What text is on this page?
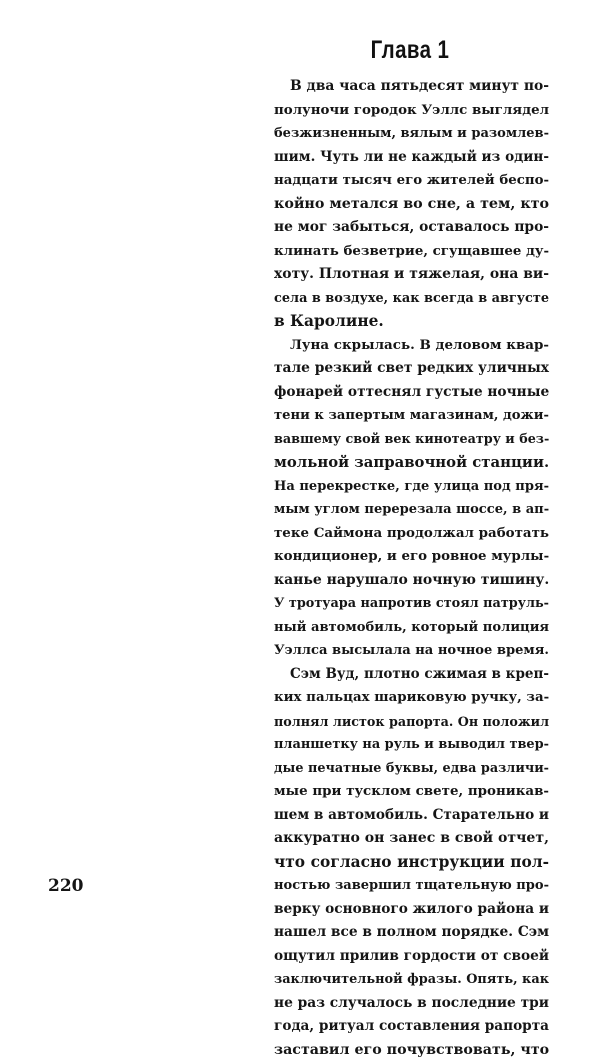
Глава 1
В два часа пятьдесят минут по-
полуночи городок Уэллс выглядел
безжизненным, вялым и разомлев-
шим. Чуть ли не каждый из один-
надцати тысяч его жителей беспо-
койно метался во сне, а тем, кто
не мог забыться, оставалось про-
клинать безветрие, сгущавшее ду-
хоту. Плотная и тяжелая, она ви-
села в воздухе, как всегда в августе
в Каролине.
Луна скрылась. В деловом квар-
тале резкий свет редких уличных
фонарей оттеснял густые ночные
тени к запертым магазинам, дожи-
вавшему свой век кинотеатру и без-
мольной заправочной станции.
На перекрестке, где улица под пря-
мым углом перерезала шоссе, в ап-
теке Саймона продолжал работать
кондиционер, и его ровное мурлы-
канье нарушало ночную тишину.
У тротуара напротив стоял патруль-
ный автомобиль, который полиция
Уэллса высылала на ночное время.
Сэм Вуд, плотно сжимая в креп-
ких пальцах шариковую ручку, за-
полнял листок рапорта. Он положил
планшетку на руль и выводил твер-
дые печатные буквы, едва различи-
мые при тусклом свете, проникав-
шем в автомобиль. Старательно и
аккуратно он занес в свой отчет,
что согласно инструкции пол-
ностью завершил тщательную про-
верку основного жилого района и
нашел все в полном порядке. Сэм
ощутил прилив гордости от своей
заключительной фразы. Опять, как
не раз случалось в последние три
года, ритуал составления рапорта
заставил его почувствовать, что
220
